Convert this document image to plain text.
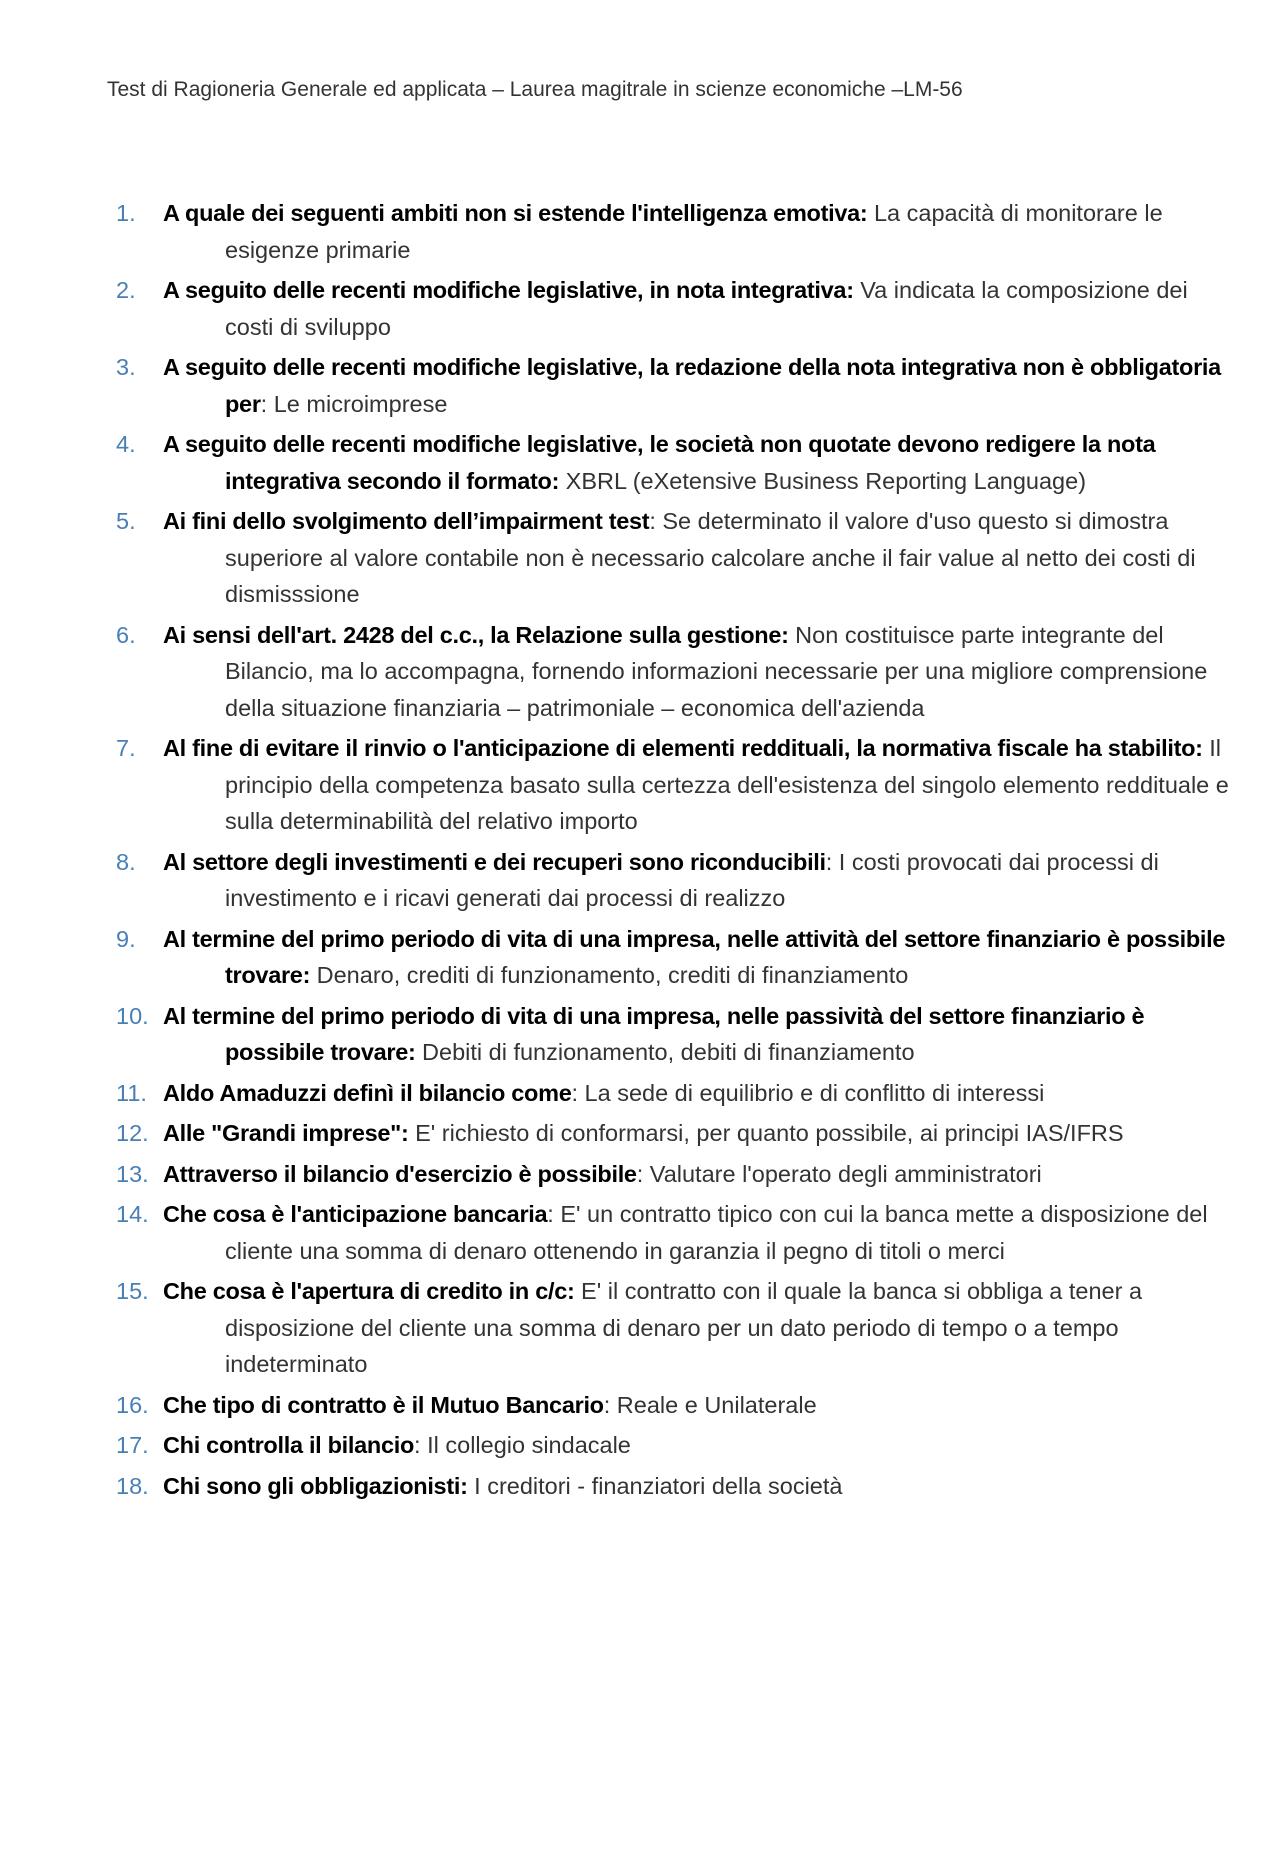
Test di Ragioneria Generale ed applicata – Laurea magitrale in scienze economiche –LM-56
1. A quale dei seguenti ambiti non si estende l'intelligenza emotiva: La capacità di monitorare le esigenze primarie
2. A seguito delle recenti modifiche legislative, in nota integrativa: Va indicata la composizione dei costi di sviluppo
3. A seguito delle recenti modifiche legislative, la redazione della nota integrativa non è obbligatoria per: Le microimprese
4. A seguito delle recenti modifiche legislative, le società non quotate devono redigere la nota integrativa secondo il formato: XBRL (eXetensive Business Reporting Language)
5. Ai fini dello svolgimento dell’impairment test: Se determinato il valore d'uso questo si dimostra superiore al valore contabile non è necessario calcolare anche il fair value al netto dei costi di dismisssione
6. Ai sensi dell'art. 2428 del c.c., la Relazione sulla gestione: Non costituisce parte integrante del Bilancio, ma lo accompagna, fornendo informazioni necessarie per una migliore comprensione della situazione finanziaria – patrimoniale – economica dell'azienda
7. Al fine di evitare il rinvio o l'anticipazione di elementi reddituali, la normativa fiscale ha stabilito: Il principio della competenza basato sulla certezza dell'esistenza del singolo elemento reddituale e sulla determinabilità del relativo importo
8. Al settore degli investimenti e dei recuperi sono riconducibili: I costi provocati dai processi di investimento e i ricavi generati dai processi di realizzo
9. Al termine del primo periodo di vita di una impresa, nelle attività del settore finanziario è possibile trovare: Denaro, crediti di funzionamento, crediti di finanziamento
10. Al termine del primo periodo di vita di una impresa, nelle passività del settore finanziario è possibile trovare: Debiti di funzionamento, debiti di finanziamento
11. Aldo Amaduzzi definì il bilancio come: La sede di equilibrio e di conflitto di interessi
12. Alle "Grandi imprese": E' richiesto di conformarsi, per quanto possibile, ai principi IAS/IFRS
13. Attraverso il bilancio d'esercizio è possibile: Valutare l'operato degli amministratori
14. Che cosa è l'anticipazione bancaria: E' un contratto tipico con cui la banca mette a disposizione del cliente una somma di denaro ottenendo in garanzia il pegno di titoli o merci
15. Che cosa è l'apertura di credito in c/c: E' il contratto con il quale la banca si obbliga a tener a disposizione del cliente una somma di denaro per un dato periodo di tempo o a tempo indeterminato
16. Che tipo di contratto è il Mutuo Bancario: Reale e Unilaterale
17. Chi controlla il bilancio: Il collegio sindacale
18. Chi sono gli obbligazionisti: I creditori - finanziatori della società
